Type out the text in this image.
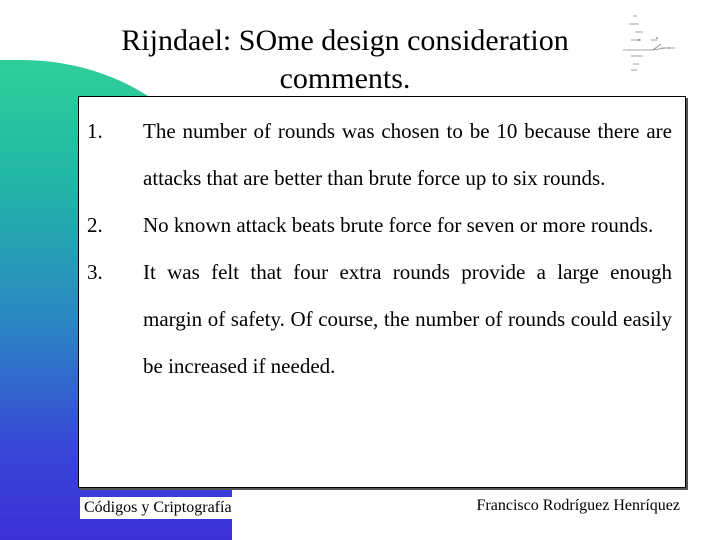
Rijndael: SOme design consideration
comments.
1. The number of rounds was chosen to be 10 because there are attacks that are better than brute force up to six rounds.
2. No known attack beats brute force for seven or more rounds.
3. It was felt that four extra rounds provide a large enough margin of safety. Of course, the number of rounds could easily be increased if needed.
Códigos y Criptografía	Francisco Rodríguez Henríquez
